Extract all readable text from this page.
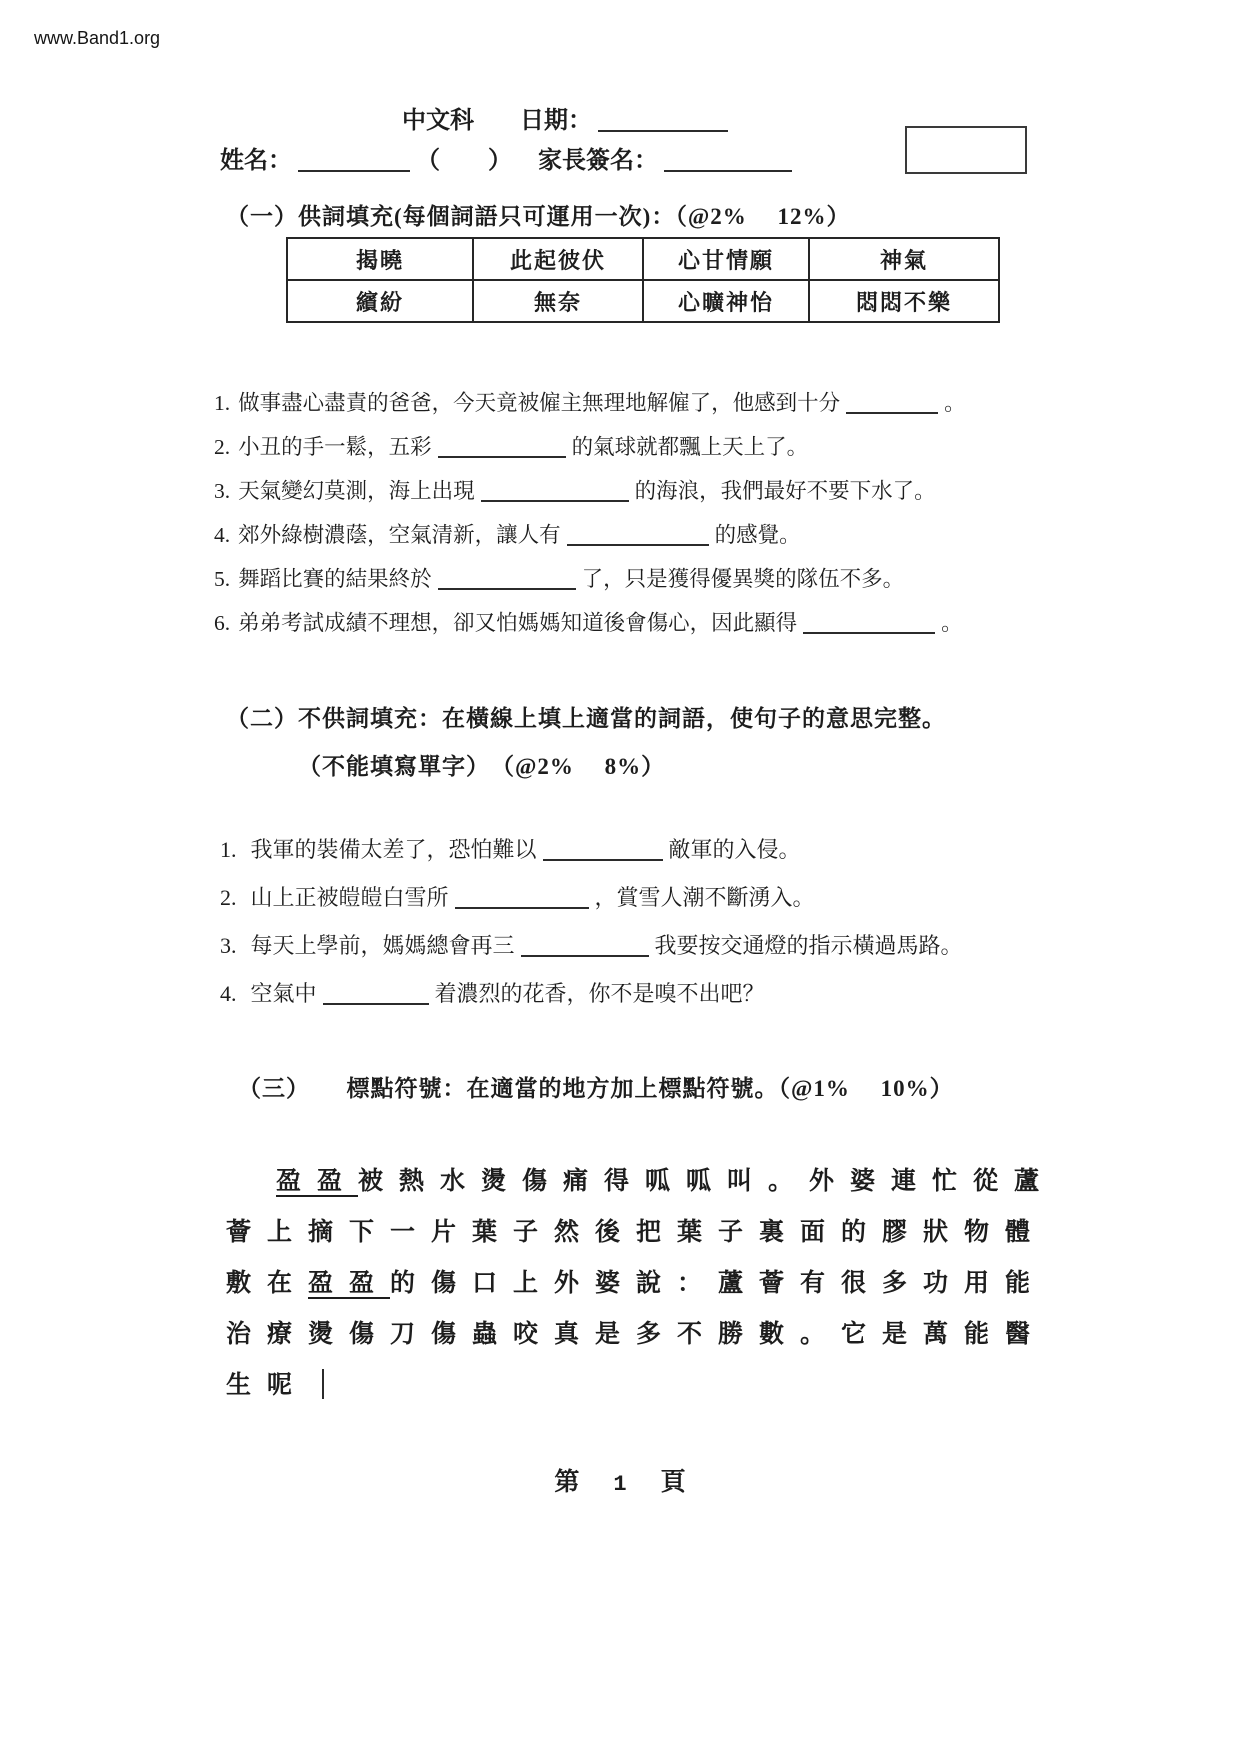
www.Band1.org
中文科 日期：
姓名：	（　　） 家長簽名：
（一）供詞填充(每個詞語只可運用一次)：（@2%　 12%）
揭曉	此起彼伏	心甘情願	神氣
繽紛	無奈	心曠神怡	悶悶不樂
1. 做事盡心盡責的爸爸，今天竟被僱主無理地解僱了，他感到十分	。
2. 小丑的手一鬆，五彩	的氣球就都飄上天上了。
3. 天氣變幻莫測，海上出現	的海浪，我們最好不要下水了。
4. 郊外綠樹濃蔭，空氣清新，讓人有	的感覺。
5. 舞蹈比賽的結果終於	了，只是獲得優異獎的隊伍不多。
6. 弟弟考試成績不理想，卻又怕媽媽知道後會傷心，因此顯得	。
（二）不供詞填充：在橫線上填上適當的詞語，使句子的意思完整。
（不能填寫單字）　（@2%　 8%）
1. 我軍的裝備太差了，恐怕難以	敵軍的入侵。
2. 山上正被皚皚白雪所	，賞雪人潮不斷湧入。
3. 每天上學前，媽媽總會再三	我要按交通燈的指示橫過馬路。
4. 空氣中	着濃烈的花香，你不是嗅不出吧？
（三）　　標點符號：在適當的地方加上標點符號。（@1%　 10%）
盈盈被熱水燙傷痛得呱呱叫。外婆連忙從蘆
薈上摘下一片葉子然後把葉子裏面的膠狀物體
敷在盈盈的傷口上外婆說：蘆薈有很多功用能
治療燙傷刀傷蟲咬真是多不勝數。它是萬能醫
生呢
第 1 頁
